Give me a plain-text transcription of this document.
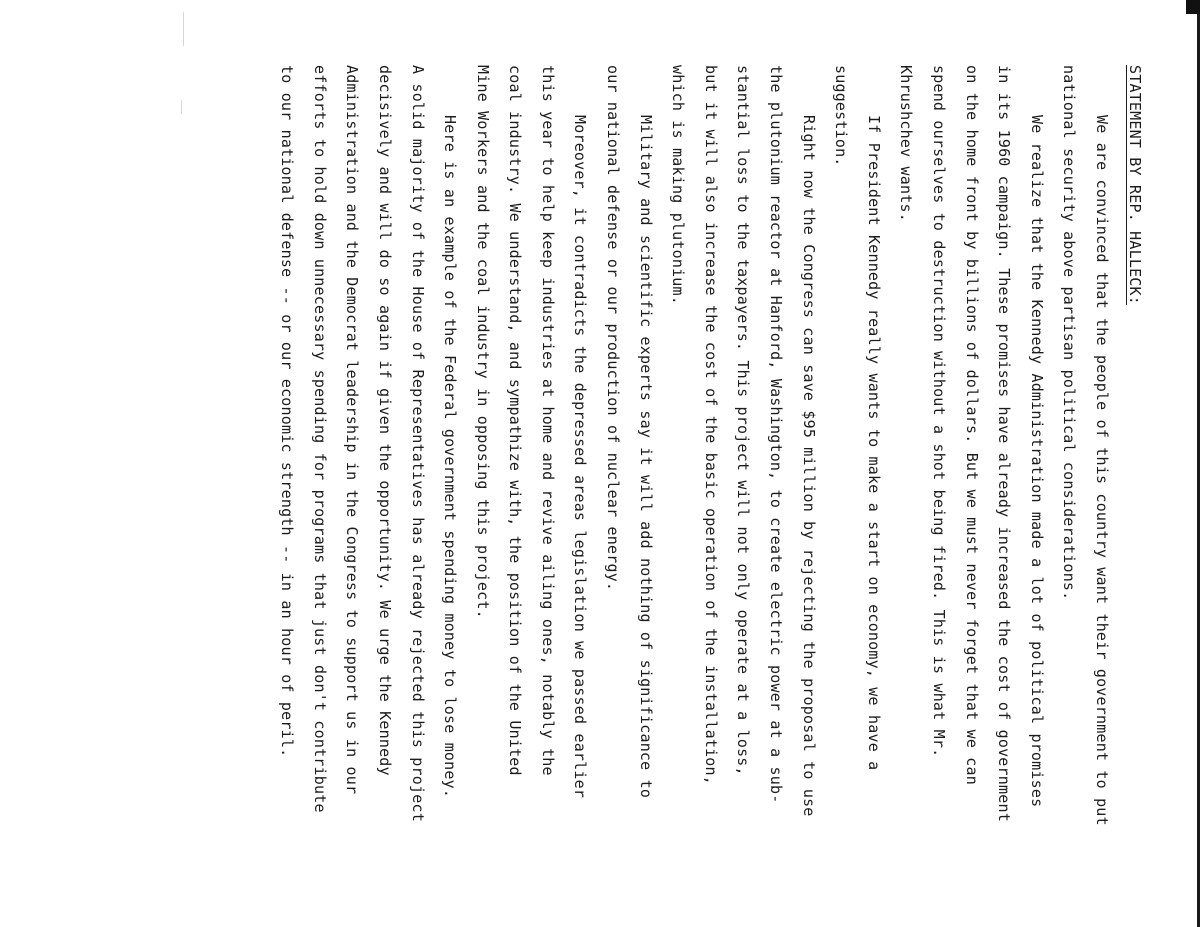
STATEMENT BY REP. HALLECK:
We are convinced that the people of this country want their government to put
national security above partisan political considerations.
We realize that the Kennedy Administration made a lot of political promises
in its 1960 campaign. These promises have already increased the cost of government
on the home front by billions of dollars. But we must never forget that we can
spend ourselves to destruction without a shot being fired. This is what Mr.
Khrushchev wants.
If President Kennedy really wants to make a start on economy, we have a
suggestion.
Right now the Congress can save $95 million by rejecting the proposal to use
the plutonium reactor at Hanford, Washington, to create electric power at a sub-
stantial loss to the taxpayers. This project will not only operate at a loss,
but it will also increase the cost of the basic operation of the installation,
which is making plutonium.
Military and scientific experts say it will add nothing of significance to
our national defense or our production of nuclear energy.
Moreover, it contradicts the depressed areas legislation we passed earlier
this year to help keep industries at home and revive ailing ones, notably the
coal industry. We understand, and sympathize with, the position of the United
Mine Workers and the coal industry in opposing this project.
Here is an example of the Federal government spending money to lose money.
A solid majority of the House of Representatives has already rejected this project
decisively and will do so again if given the opportunity. We urge the Kennedy
Administration and the Democrat leadership in the Congress to support us in our
efforts to hold down unnecessary spending for programs that just don't contribute
to our national defense -- or our economic strength -- in an hour of peril.
